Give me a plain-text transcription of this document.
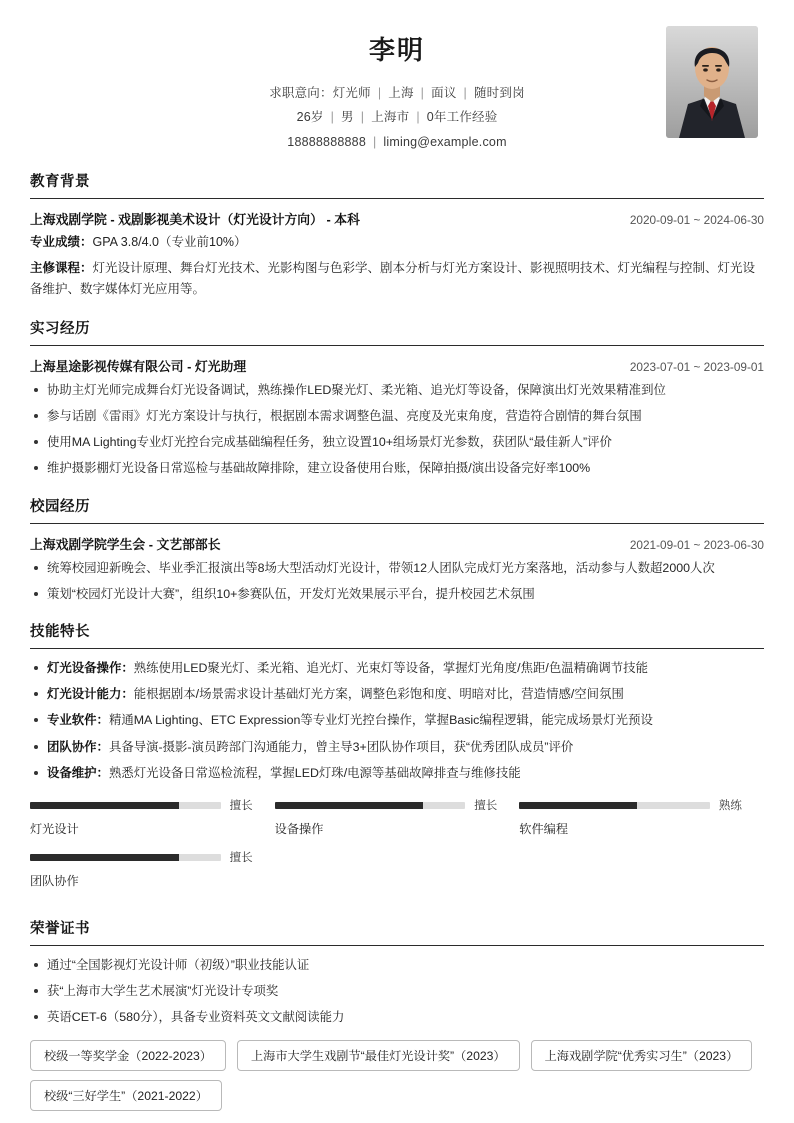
李明
求职意向：灯光师 | 上海 | 面议 | 随时到岗
26岁 | 男 | 上海市 | 0年工作经验
18888888888 | liming@example.com
教育背景
上海戏剧学院 - 戏剧影视美术设计（灯光设计方向） - 本科	2020-09-01 ~ 2024-06-30
专业成绩：GPA 3.8/4.0（专业前10%）
主修课程：灯光设计原理、舞台灯光技术、光影构图与色彩学、剧本分析与灯光方案设计、影视照明技术、灯光编程与控制、灯光设备维护、数字媒体灯光应用等。
实习经历
上海星途影视传媒有限公司 - 灯光助理	2023-07-01 ~ 2023-09-01
协助主灯光师完成舞台灯光设备调试，熟练操作LED聚光灯、柔光箱、追光灯等设备，保障演出灯光效果精准到位
参与话剧《雷雨》灯光方案设计与执行，根据剧本需求调整色温、亮度及光束角度，营造符合剧情的舞台氛围
使用MA Lighting专业灯光控台完成基础编程任务，独立设置10+组场景灯光参数，获团队“最佳新人”评价
维护摄影棚灯光设备日常巡检与基础故障排除，建立设备使用台账，保障拍摄/演出设备完好率100%
校园经历
上海戏剧学院学生会 - 文艺部部长	2021-09-01 ~ 2023-06-30
统筹校园迎新晚会、毕业季汇报演出等8场大型活动灯光设计，带领12人团队完成灯光方案落地，活动参与人数超2000人次
策划“校园灯光设计大赛”，组织10+参赛队伍，开发灯光效果展示平台，提升校园艺术氛围
技能特长
灯光设备操作：熟练使用LED聚光灯、柔光箱、追光灯、光束灯等设备，掌握灯光角度/焦距/色温精确调节技能
灯光设计能力：能根据剧本/场景需求设计基础灯光方案，调整色彩饱和度、明暗对比，营造情感/空间氛围
专业软件：精通MA Lighting、ETC Expression等专业灯光控台操作，掌握Basic编程逻辑，能完成场景灯光预设
团队协作：具备导演-摄影-演员跨部门沟通能力，曾主导3+团队协作项目，获“优秀团队成员”评价
设备维护：熟悉灯光设备日常巡检流程，掌握LED灯珠/电源等基础故障排查与维修技能
擅长
灯光设计
擅长
设备操作
熟练
软件编程
擅长
团队协作
荣誉证书
通过“全国影视灯光设计师（初级）”职业技能认证
获“上海市大学生艺术展演”灯光设计专项奖
英语CET-6（580分），具备专业资料英文文献阅读能力
校级一等奖学金（2022-2023）	上海市大学生戏剧节“最佳灯光设计奖”（2023）	上海戏剧学院“优秀实习生”（2023）
校级“三好学生”（2021-2022）
